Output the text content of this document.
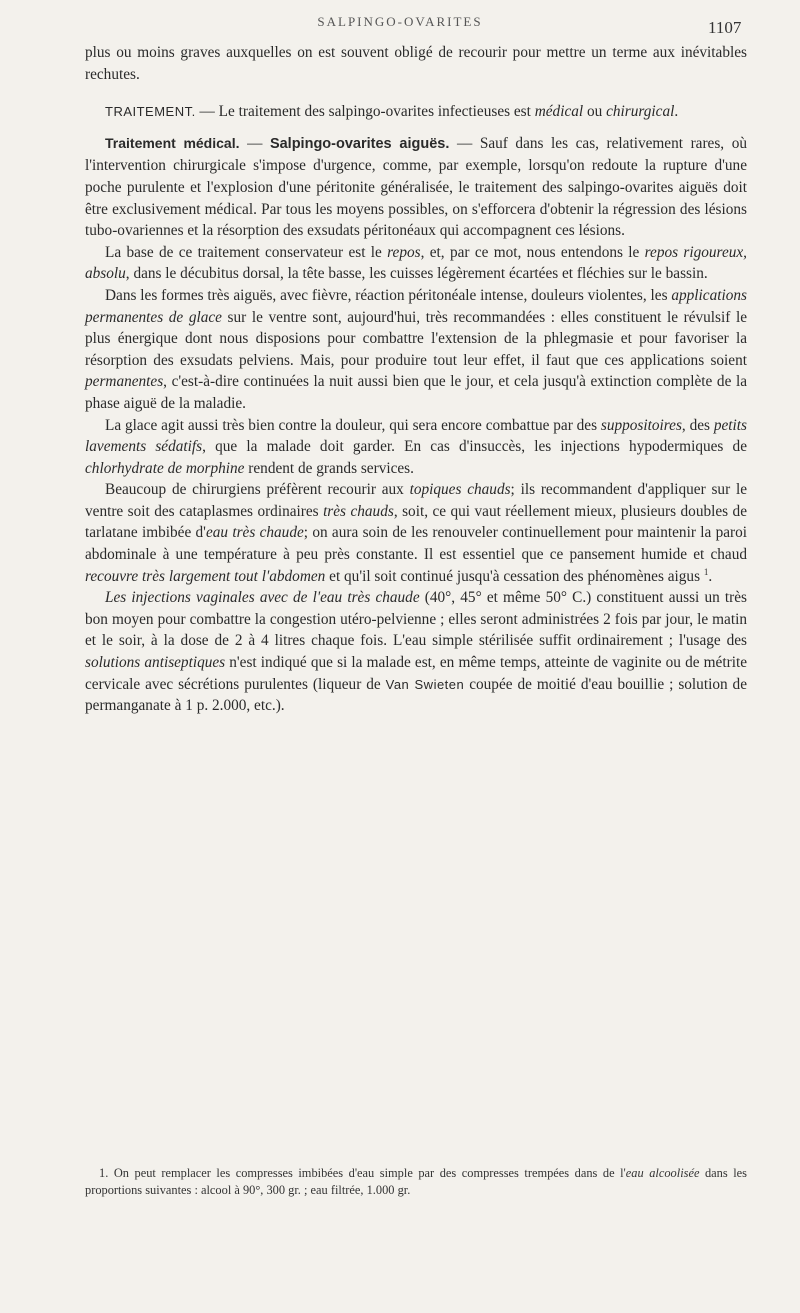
SALPINGO-OVARITES	1107

plus ou moins graves auxquelles on est souvent obligé de recourir pour mettre un terme aux inévitables rechutes.

TRAITEMENT. — Le traitement des salpingo-ovarites infectieuses est médical ou chirurgical.

Traitement médical. — Salpingo-ovarites aiguës. — Sauf dans les cas, relativement rares, où l'intervention chirurgicale s'impose d'urgence, comme, par exemple, lorsqu'on redoute la rupture d'une poche purulente et l'explosion d'une péritonite généralisée, le traitement des salpingo-ovarites aiguës doit être exclusivement médical. Par tous les moyens possibles, on s'efforcera d'obtenir la régression des lésions tubo-ovariennes et la résorption des exsudats péritonéaux qui accompagnent ces lésions.

La base de ce traitement conservateur est le repos, et, par ce mot, nous entendons le repos rigoureux, absolu, dans le décubitus dorsal, la tête basse, les cuisses légèrement écartées et fléchies sur le bassin.

Dans les formes très aiguës, avec fièvre, réaction péritonéale intense, douleurs violentes, les applications permanentes de glace sur le ventre sont, aujourd'hui, très recommandées : elles constituent le révulsif le plus énergique dont nous disposions pour combattre l'extension de la phlegmasie et pour favoriser la résorption des exsudats pelviens. Mais, pour produire tout leur effet, il faut que ces applications soient permanentes, c'est-à-dire continuées la nuit aussi bien que le jour, et cela jusqu'à extinction complète de la phase aiguë de la maladie.

La glace agit aussi très bien contre la douleur, qui sera encore combattue par des suppositoires, des petits lavements sédatifs, que la malade doit garder. En cas d'insuccès, les injections hypodermiques de chlorhydrate de morphine rendent de grands services.

Beaucoup de chirurgiens préfèrent recourir aux topiques chauds; ils recommandent d'appliquer sur le ventre soit des cataplasmes ordinaires très chauds, soit, ce qui vaut réellement mieux, plusieurs doubles de tarlatane imbibée d'eau très chaude; on aura soin de les renouveler continuellement pour maintenir la paroi abdominale à une température à peu près constante. Il est essentiel que ce pansement humide et chaud recouvre très largement tout l'abdomen et qu'il soit continué jusqu'à cessation des phénomènes aigus $^1$.

Les injections vaginales avec de l'eau très chaude (40°, 45° et même 50° C.) constituent aussi un très bon moyen pour combattre la congestion utéro-pelvienne ; elles seront administrées 2 fois par jour, le matin et le soir, à la dose de 2 à 4 litres chaque fois. L'eau simple stérilisée suffit ordinairement ; l'usage des solutions antiseptiques n'est indiqué que si la malade est, en même temps, atteinte de vaginite ou de métrite cervicale avec sécrétions purulentes (liqueur de Van Swieten coupée de moitié d'eau bouillie ; solution de permanganate à 1 p. 2.000, etc.).

1. On peut remplacer les compresses imbibées d'eau simple par des compresses trempées dans de l'eau alcoolisée dans les proportions suivantes : alcool à 90°, 300 gr. ; eau filtrée, 1.000 gr.
